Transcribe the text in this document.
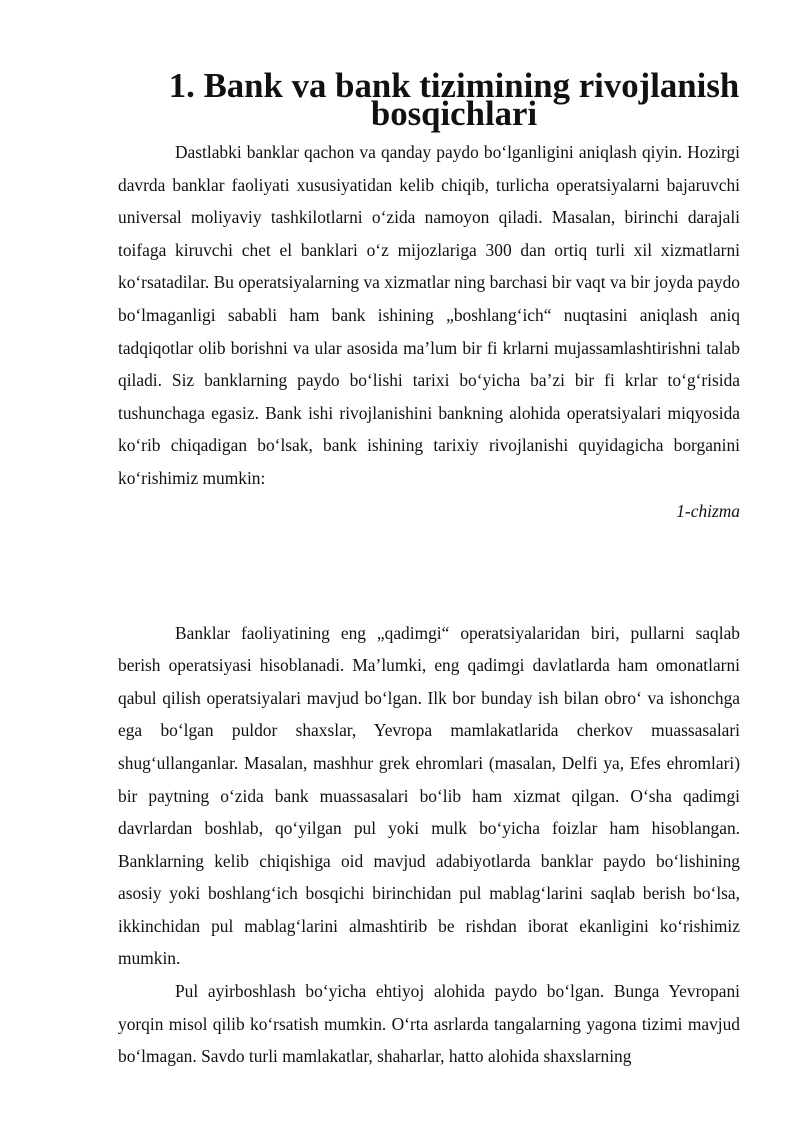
1. Bank va bank tizimining rivojlanish bosqichlari

Dastlabki banklar qachon va qanday paydo bo‘lganligini aniqlash qiyin. Hozirgi davrda banklar faoliyati xususiyatidan kelib chiqib, turlicha operatsiyalarni bajaruvchi universal moliyaviy tashkilotlarni o‘zida namoyon qiladi. Masalan, birinchi darajali toifaga kiruvchi chet el banklari o‘z mijozlariga 300 dan ortiq turli xil xizmatlarni ko‘rsatadilar. Bu operatsiyalarning va xizmatlar ning barchasi bir vaqt va bir joyda paydo bo‘lmaganligi sababli ham bank ishining „boshlang‘ich“ nuqtasini aniqlash aniq tadqiqotlar olib borishni va ular asosida ma’lum bir fi krlarni mujassamlashtirishni talab qiladi. Siz banklarning paydo bo‘lishi tarixi bo‘yicha ba’zi bir fi krlar to‘g‘risida tushunchaga egasiz. Bank ishi rivojlanishini bankning alohida operatsiyalari miqyosida ko‘rib chiqadigan bo‘lsak, bank ishining tarixiy rivojlanishi quyidagicha borganini ko‘rishimiz mumkin:

1-chizma

Banklar faoliyatining eng „qadimgi“ operatsiyalaridan biri, pullarni saqlab berish operatsiyasi hisoblanadi. Ma’lumki, eng qadimgi davlatlarda ham omonatlarni qabul qilish operatsiyalari mavjud bo‘lgan. Ilk bor bunday ish bilan obro‘ va ishonchga ega bo‘lgan puldor shaxslar, Yevropa mamlakatlarida cherkov muassasalari shug‘ullanganlar. Masalan, mashhur grek ehromlari (masalan, Delfi ya, Efes ehromlari) bir paytning o‘zida bank muassasalari bo‘lib ham xizmat qilgan. O‘sha qadimgi davrlardan boshlab, qo‘yilgan pul yoki mulk bo‘yicha foizlar ham hisoblangan. Banklarning kelib chiqishiga oid mavjud adabiyotlarda banklar paydo bo‘lishining asosiy yoki boshlang‘ich bosqichi birinchidan pul mablag‘larini saqlab berish bo‘lsa, ikkinchidan pul mablag‘larini almashtirib be rishdan iborat ekanligini ko‘rishimiz mumkin.

Pul ayirboshlash bo‘yicha ehtiyoj alohida paydo bo‘lgan. Bunga Yevropani yorqin misol qilib ko‘rsatish mumkin. O‘rta asrlarda tangalarning yagona tizimi mavjud bo‘lmagan. Savdo turli mamlakatlar, shaharlar, hatto alohida shaxslarning
